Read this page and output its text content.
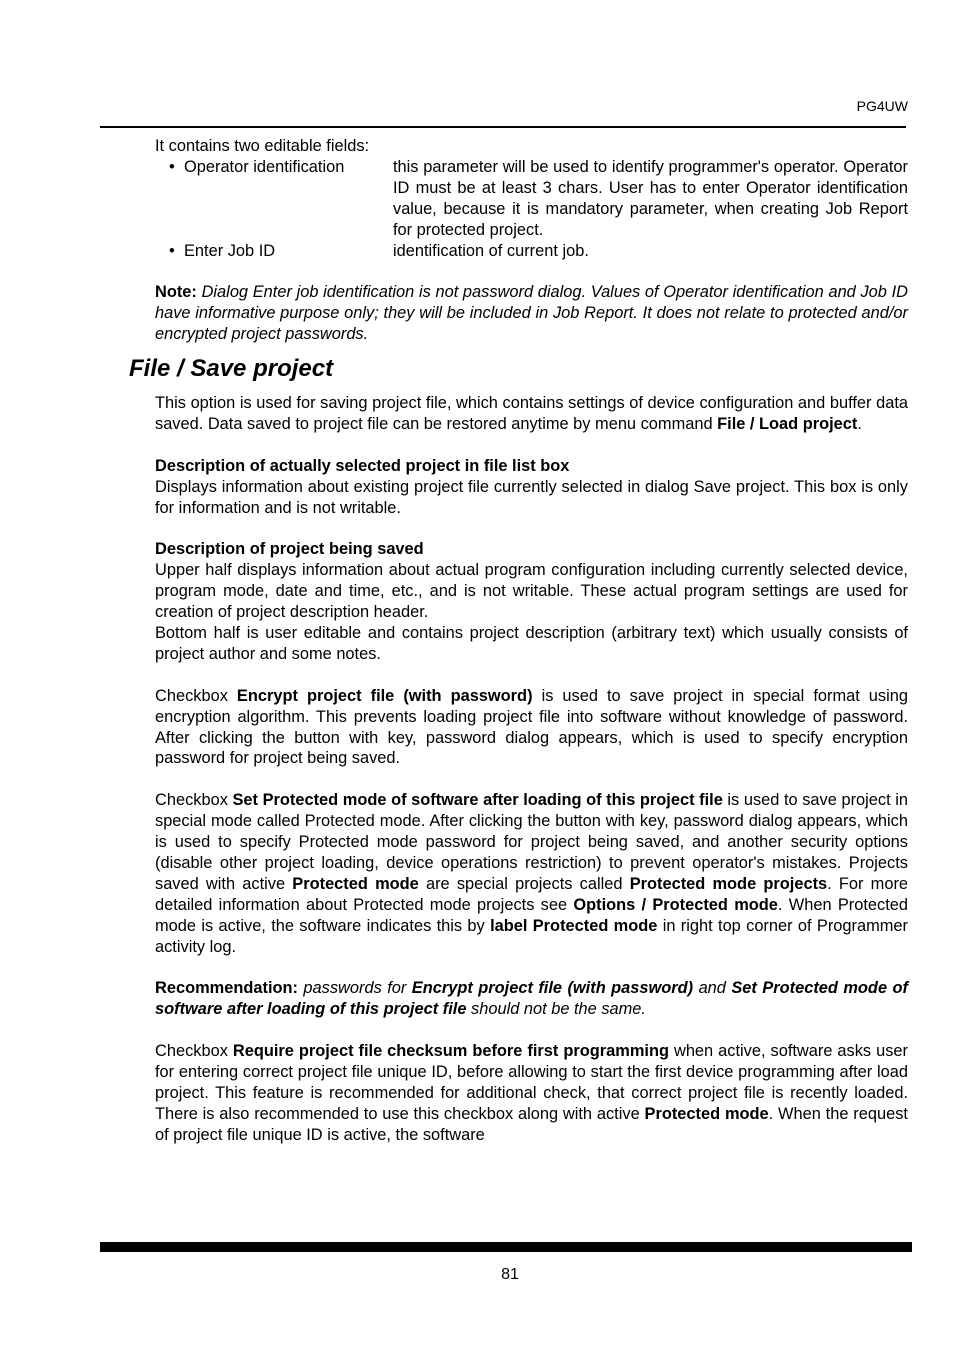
PG4UW

It contains two editable fields:

• Operator identification	this parameter will be used to identify programmer's operator. Operator ID must be at least 3 chars. User has to enter Operator identification value, because it is mandatory parameter, when creating Job Report for protected project.
• Enter Job ID	identification of current job.

Note: Dialog Enter job identification is not password dialog. Values of Operator identification and Job ID have informative purpose only; they will be included in Job Report. It does not relate to protected and/or encrypted project passwords.

File / Save project

This option is used for saving project file, which contains settings of device configuration and buffer data saved. Data saved to project file can be restored anytime by menu command File / Load project.

Description of actually selected project in file list box

Displays information about existing project file currently selected in dialog Save project. This box is only for information and is not writable.

Description of project being saved

Upper half displays information about actual program configuration including currently selected device, program mode, date and time, etc., and is not writable. These actual program settings are used for creation of project description header.

Bottom half is user editable and contains project description (arbitrary text) which usually consists of project author and some notes.

Checkbox Encrypt project file (with password) is used to save project in special format using encryption algorithm. This prevents loading project file into software without knowledge of password. After clicking the button with key, password dialog appears, which is used to specify encryption password for project being saved.

Checkbox Set Protected mode of software after loading of this project file is used to save project in special mode called Protected mode. After clicking the button with key, password dialog appears, which is used to specify Protected mode password for project being saved, and another security options (disable other project loading, device operations restriction) to prevent operator's mistakes. Projects saved with active Protected mode are special projects called Protected mode projects. For more detailed information about Protected mode projects see Options / Protected mode. When Protected mode is active, the software indicates this by label Protected mode in right top corner of Programmer activity log.

Recommendation: passwords for Encrypt project file (with password) and Set Protected mode of software after loading of this project file should not be the same.

Checkbox Require project file checksum before first programming when active, software asks user for entering correct project file unique ID, before allowing to start the first device programming after load project. This feature is recommended for additional check, that correct project file is recently loaded. There is also recommended to use this checkbox along with active Protected mode. When the request of project file unique ID is active, the software

81
